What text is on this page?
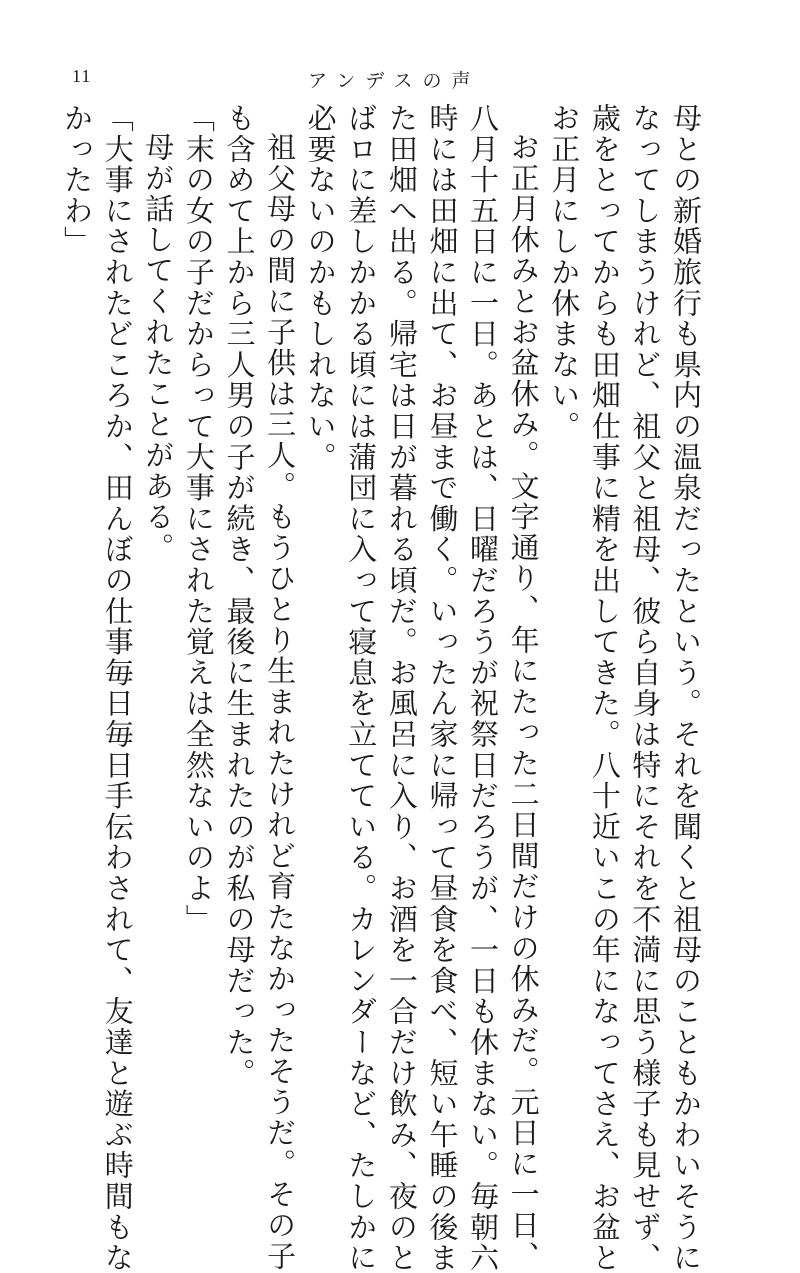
11	アンデスの声
母との新婚旅行も県内の温泉だったという。それを聞くと祖母のこともかわいそうに
なってしまうけれど、祖父と祖母、彼ら自身は特にそれを不満に思う様子も見せず、
歳をとってからも田畑仕事に精を出してきた。八十近いこの年になってさえ、お盆と
お正月にしか休まない。
お正月休みとお盆休み。文字通り、年にたった二日間だけの休みだ。元日に一日、
八月十五日に一日。あとは、日曜だろうが祝祭日だろうが、一日も休まない。毎朝六
時には田畑に出て、お昼まで働く。いったん家に帰って昼食を食べ、短い午睡の後ま
た田畑へ出る。帰宅は日が暮れる頃だ。お風呂に入り、お酒を一合だけ飲み、夜のと
ばロに差しかかる頃には蒲団に入って寝息を立てている。カレンダーなど、たしかに
必要ないのかもしれない。
祖父母の間に子供は三人。もうひとり生まれたけれど育たなかったそうだ。その子
も含めて上から三人男の子が続き、最後に生まれたのが私の母だった。
「末の女の子だからって大事にされた覚えは全然ないのよ」
母が話してくれたことがある。
「大事にされたどころか、田んぼの仕事毎日毎日手伝わされて、友達と遊ぶ時間もな
かったわ」
